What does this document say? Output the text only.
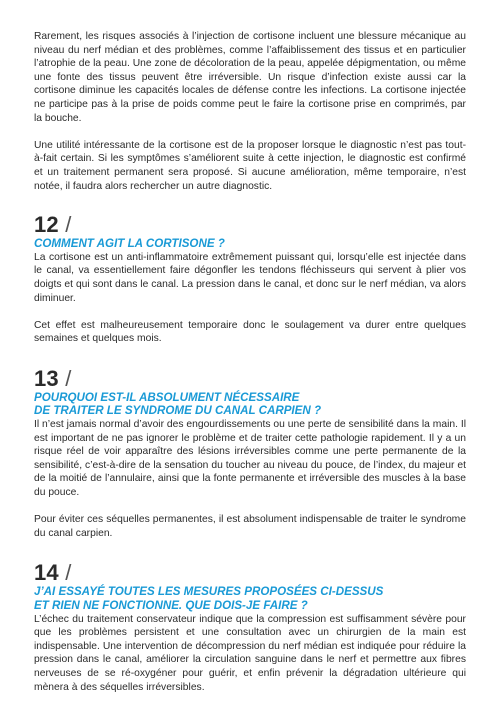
Rarement, les risques associés à l’injection de cortisone incluent une blessure mécanique au niveau du nerf médian et des problèmes, comme l’affaiblissement des tissus et en particulier l’atrophie de la peau. Une zone de décoloration de la peau, appelée dépigmentation, ou même une fonte des tissus peuvent être irréversible. Un risque d’infection existe aussi car la cortisone diminue les capacités locales de défense contre les infections. La cortisone injectée ne participe pas à la prise de poids comme peut le faire la cortisone prise en comprimés, par la bouche.

Une utilité intéressante de la cortisone est de la proposer lorsque le diagnostic n’est pas tout-à-fait certain. Si les symptômes s’améliorent suite à cette injection, le diagnostic est confirmé et un traitement permanent sera proposé. Si aucune amélioration, même temporaire, n’est notée, il faudra alors rechercher un autre diagnostic.

12 /
COMMENT AGIT LA CORTISONE ?

La cortisone est un anti-inflammatoire extrêmement puissant qui, lorsqu’elle est injectée dans le canal, va essentiellement faire dégonfler les tendons fléchisseurs qui servent à plier vos doigts et qui sont dans le canal. La pression dans le canal, et donc sur le nerf médian, va alors diminuer.

Cet effet est malheureusement temporaire donc le soulagement va durer entre quelques semaines et quelques mois.

13 /
POURQUOI EST-IL ABSOLUMENT NÉCESSAIRE
DE TRAITER LE SYNDROME DU CANAL CARPIEN ?

Il n’est jamais normal d’avoir des engourdissements ou une perte de sensibilité dans la main. Il est important de ne pas ignorer le problème et de traiter cette pathologie rapidement. Il y a un risque réel de voir apparaître des lésions irréversibles comme une perte permanente de la sensibilité, c’est-à-dire de la sensation du toucher au niveau du pouce, de l’index, du majeur et de la moitié de l’annulaire, ainsi que la fonte permanente et irréversible des muscles à la base du pouce.

Pour éviter ces séquelles permanentes, il est absolument indispensable de traiter le syndrome du canal carpien.

14 /
J’AI ESSAYÉ TOUTES LES MESURES PROPOSÉES CI-DESSUS
ET RIEN NE FONCTIONNE. QUE DOIS-JE FAIRE ?

L’échec du traitement conservateur indique que la compression est suffisamment sévère pour que les problèmes persistent et une consultation avec un chirurgien de la main est indispensable. Une intervention de décompression du nerf médian est indiquée pour réduire la pression dans le canal, améliorer la circulation sanguine dans le nerf et permettre aux fibres nerveuses de se ré-oxygéner pour guérir, et enfin prévenir la dégradation ultérieure qui mènera à des séquelles irréversibles.
